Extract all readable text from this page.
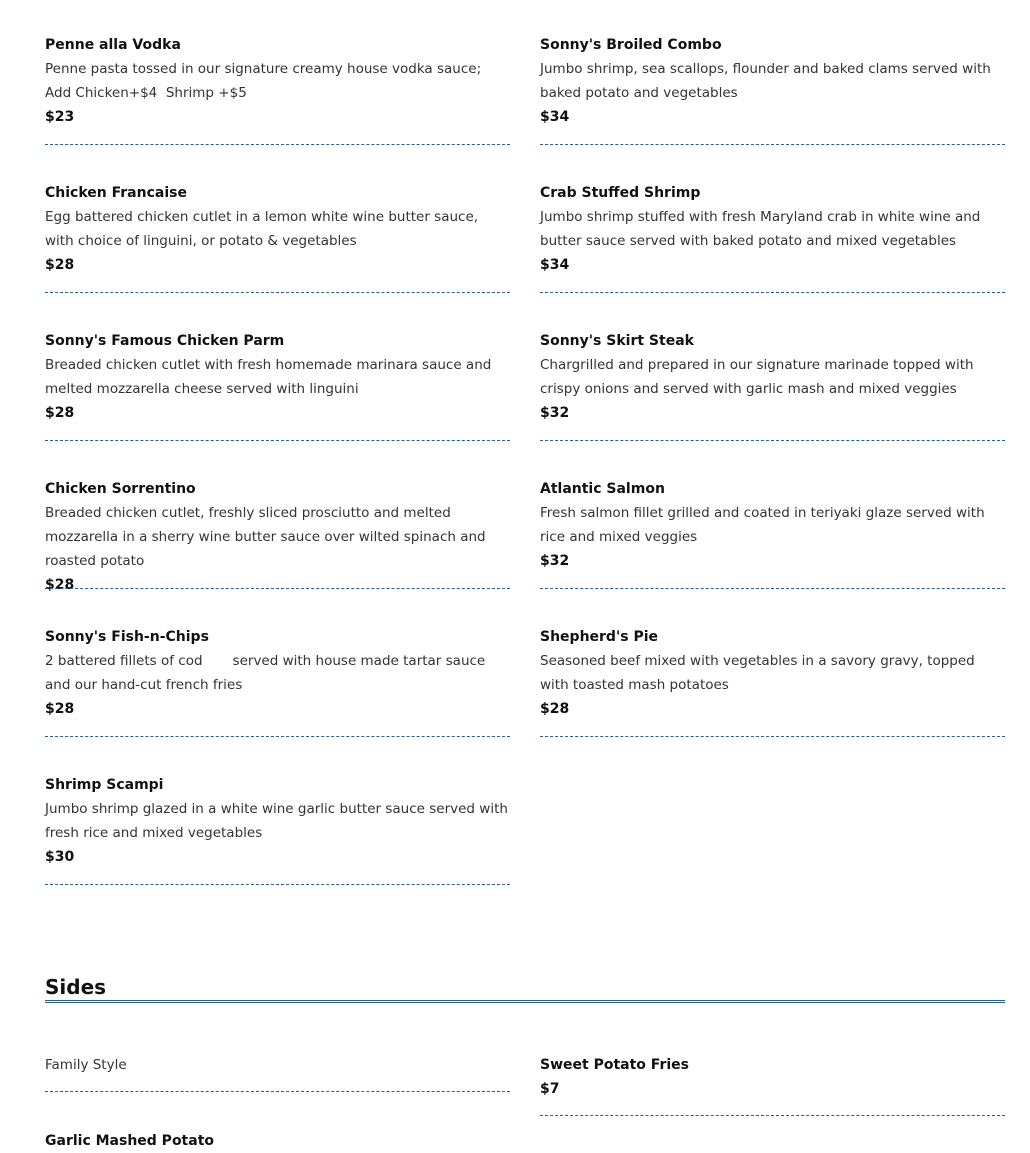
Penne alla Vodka
Penne pasta tossed in our signature creamy house vodka sauce;
Add Chicken+$4  Shrimp +$5
$23
Chicken Francaise
Egg battered chicken cutlet in a lemon white wine butter sauce, with choice of linguini, or potato & vegetables
$28
Sonny's Famous Chicken Parm
Breaded chicken cutlet with fresh homemade marinara sauce and melted mozzarella cheese served with linguini
$28
Chicken Sorrentino
Breaded chicken cutlet, freshly sliced prosciutto and melted mozzarella in a sherry wine butter sauce over wilted spinach and roasted potato
$28
Sonny's Fish-n-Chips
2 battered fillets of cod       served with house made tartar sauce and our hand-cut french fries
$28
Shrimp Scampi
Jumbo shrimp glazed in a white wine garlic butter sauce served with fresh rice and mixed vegetables
$30
Sonny's Broiled Combo
Jumbo shrimp, sea scallops, flounder and baked clams served with baked potato and vegetables
$34
Crab Stuffed Shrimp
Jumbo shrimp stuffed with fresh Maryland crab in white wine and butter sauce served with baked potato and mixed vegetables
$34
Sonny's Skirt Steak
Chargrilled and prepared in our signature marinade topped with crispy onions and served with garlic mash and mixed veggies
$32
Atlantic Salmon
Fresh salmon fillet grilled and coated in teriyaki glaze served with rice and mixed veggies
$32
Shepherd's Pie
Seasoned beef mixed with vegetables in a savory gravy, topped with toasted mash potatoes
$28
Sides
Family Style	Sweet Potato Fries
$7
Garlic Mashed Potato
